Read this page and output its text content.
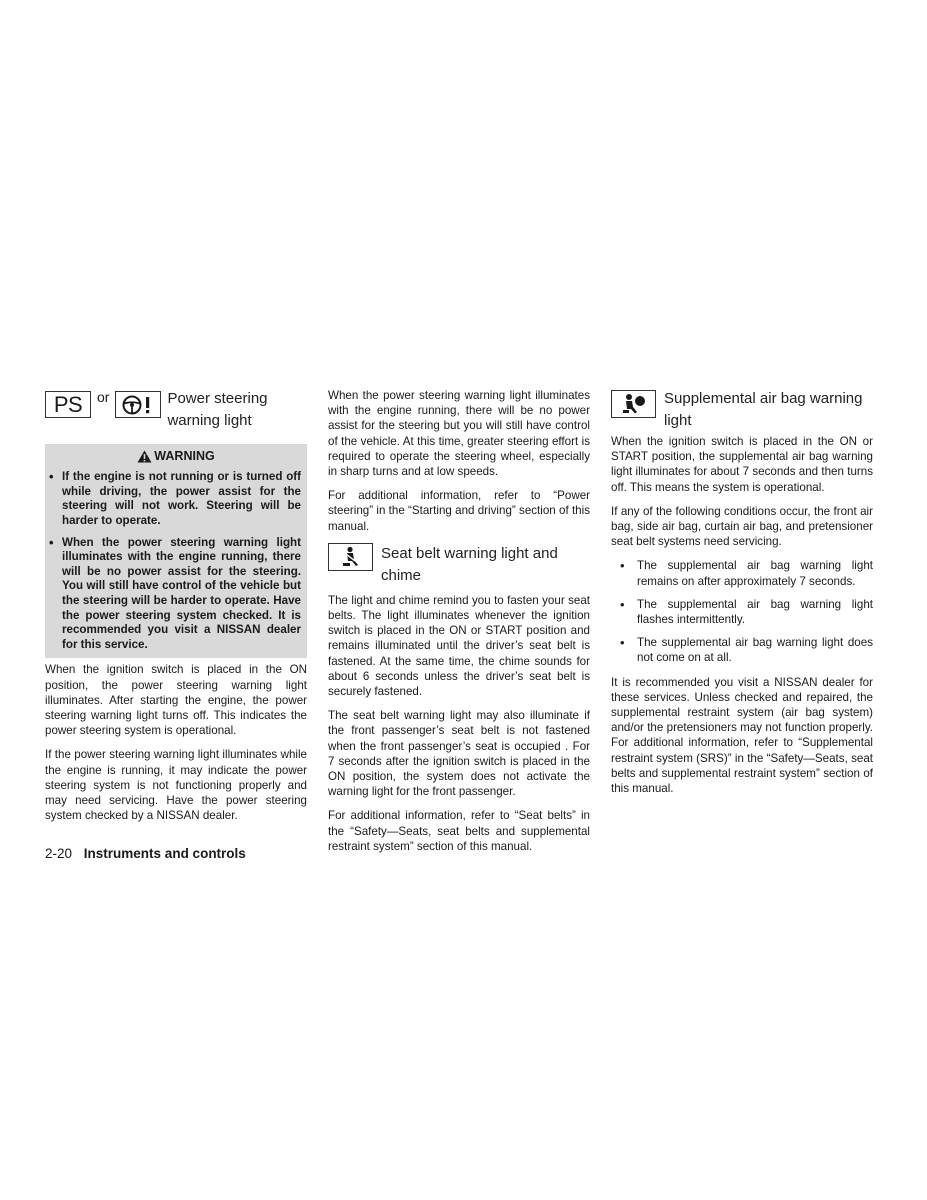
PS	or	Power steering warning light
WARNING
• If the engine is not running or is turned off while driving, the power assist for the steering will not work. Steering will be harder to operate.
• When the power steering warning light illuminates with the engine running, there will be no power assist for the steering. You will still have control of the vehicle but the steering will be harder to operate. Have the power steering system checked. It is recommended you visit a NISSAN dealer for this service.

When the ignition switch is placed in the ON position, the power steering warning light illuminates. After starting the engine, the power steering warning light turns off. This indicates the power steering system is operational.

If the power steering warning light illuminates while the engine is running, it may indicate the power steering system is not functioning properly and may need servicing. Have the power steering system checked by a NISSAN dealer.

When the power steering warning light illuminates with the engine running, there will be no power assist for the steering but you will still have control of the vehicle. At this time, greater steering effort is required to operate the steering wheel, especially in sharp turns and at low speeds.

For additional information, refer to “Power steering” in the “Starting and driving” section of this manual.

Seat belt warning light and chime

The light and chime remind you to fasten your seat belts. The light illuminates whenever the ignition switch is placed in the ON or START position and remains illuminated until the driver’s seat belt is fastened. At the same time, the chime sounds for about 6 seconds unless the driver’s seat belt is securely fastened.

The seat belt warning light may also illuminate if the front passenger’s seat belt is not fastened when the front passenger’s seat is occupied . For 7 seconds after the ignition switch is placed in the ON position, the system does not activate the warning light for the front passenger.

For additional information, refer to “Seat belts” in the “Safety—Seats, seat belts and supplemental restraint system” section of this manual.

Supplemental air bag warning light

When the ignition switch is placed in the ON or START position, the supplemental air bag warning light illuminates for about 7 seconds and then turns off. This means the system is operational.

If any of the following conditions occur, the front air bag, side air bag, curtain air bag, and pretensioner seat belt systems need servicing.

• The supplemental air bag warning light remains on after approximately 7 seconds.
• The supplemental air bag warning light flashes intermittently.
• The supplemental air bag warning light does not come on at all.

It is recommended you visit a NISSAN dealer for these services. Unless checked and repaired, the supplemental restraint system (air bag system) and/or the pretensioners may not function properly. For additional information, refer to “Supplemental restraint system (SRS)” in the “Safety—Seats, seat belts and supplemental restraint system” section of this manual.

2-20 Instruments and controls
